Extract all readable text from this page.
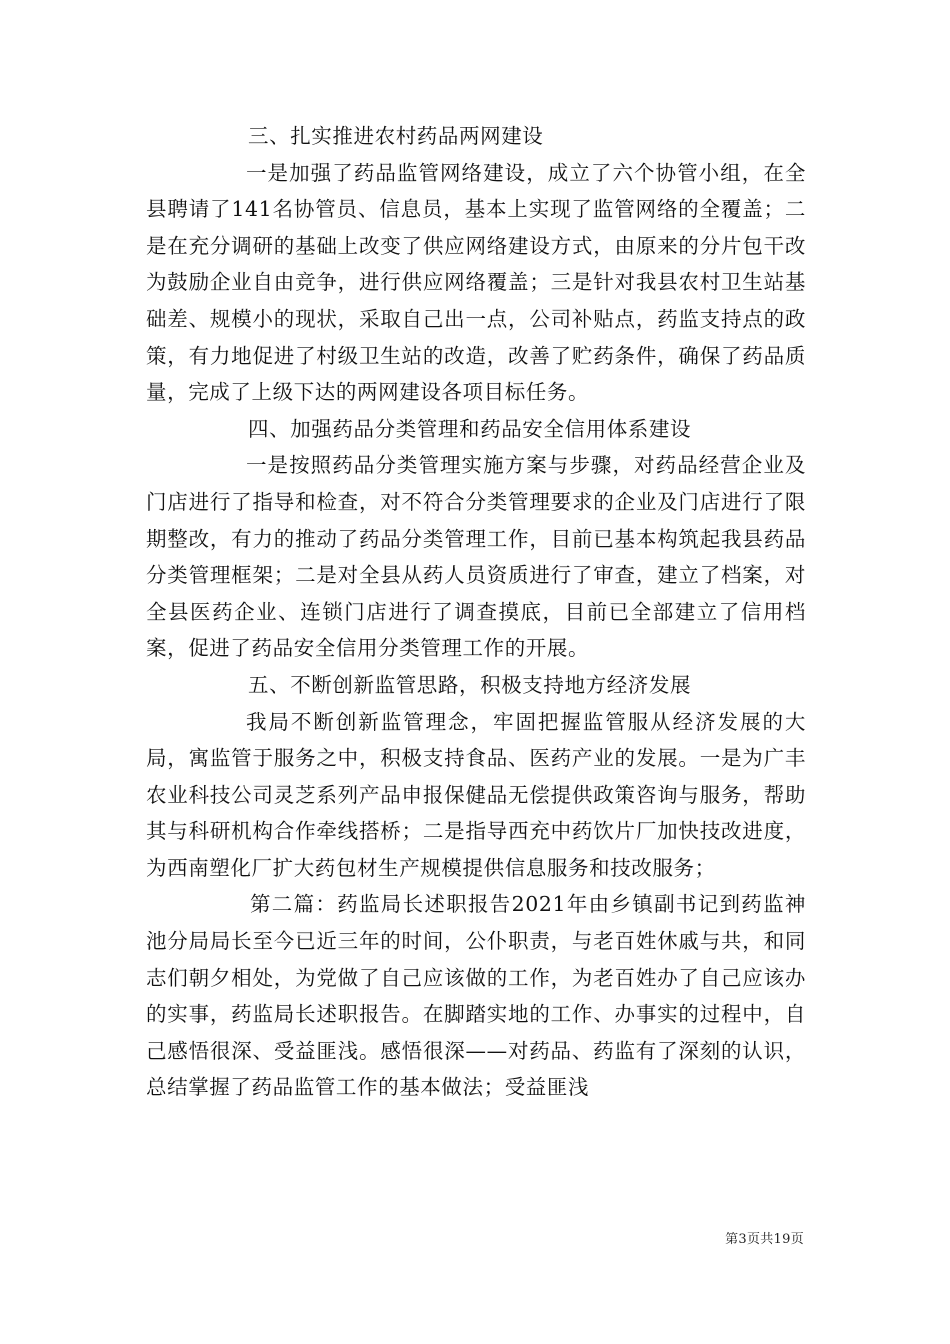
三、扎实推进农村药品两网建设

一是加强了药品监管网络建设，成立了六个协管小组，在全县聘请了141名协管员、信息员，基本上实现了监管网络的全覆盖；二是在充分调研的基础上改变了供应网络建设方式，由原来的分片包干改为鼓励企业自由竞争，进行供应网络覆盖；三是针对我县农村卫生站基础差、规模小的现状，采取自己出一点，公司补贴点，药监支持点的政策，有力地促进了村级卫生站的改造，改善了贮药条件，确保了药品质量，完成了上级下达的两网建设各项目标任务。

四、加强药品分类管理和药品安全信用体系建设

一是按照药品分类管理实施方案与步骤，对药品经营企业及门店进行了指导和检查，对不符合分类管理要求的企业及门店进行了限期整改，有力的推动了药品分类管理工作，目前已基本构筑起我县药品分类管理框架；二是对全县从药人员资质进行了审查，建立了档案，对全县医药企业、连锁门店进行了调查摸底，目前已全部建立了信用档案，促进了药品安全信用分类管理工作的开展。

五、不断创新监管思路，积极支持地方经济发展

我局不断创新监管理念，牢固把握监管服从经济发展的大局，寓监管于服务之中，积极支持食品、医药产业的发展。一是为广丰农业科技公司灵芝系列产品申报保健品无偿提供政策咨询与服务，帮助其与科研机构合作牵线搭桥；二是指导西充中药饮片厂加快技改进度，为西南塑化厂扩大药包材生产规模提供信息服务和技改服务；

第二篇：药监局长述职报告2021年由乡镇副书记到药监神池分局局长至今已近三年的时间，公仆职责，与老百姓休戚与共，和同志们朝夕相处，为党做了自己应该做的工作，为老百姓办了自己应该办的实事，药监局长述职报告。在脚踏实地的工作、办事实的过程中，自己感悟很深、受益匪浅。感悟很深——对药品、药监有了深刻的认识，总结掌握了药品监管工作的基本做法；受益匪浅

第3页共19页
